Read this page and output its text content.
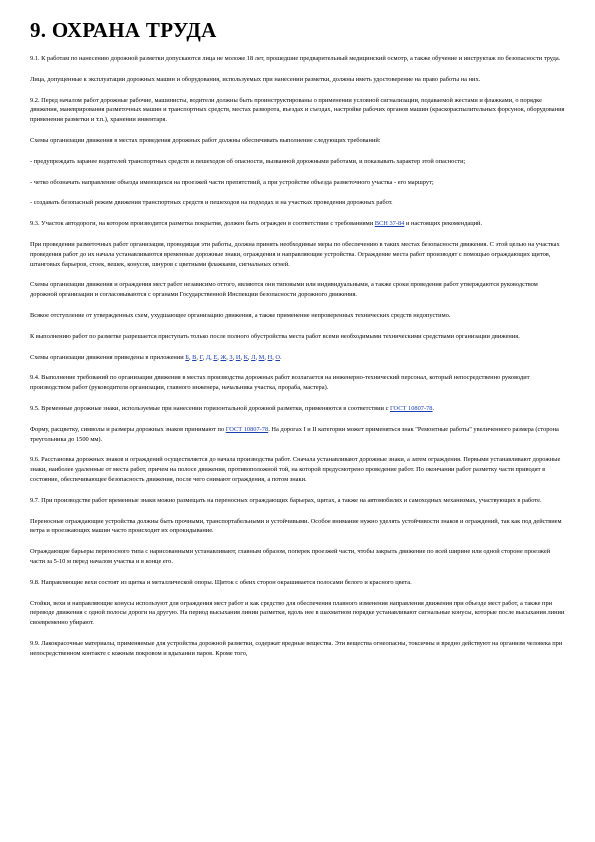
9. ОХРАНА ТРУДА
9.1. К работам по нанесению дорожной разметки допускаются лица не моложе 18 лет, прошедшие предварительный медицинский осмотр, а также обучение и инструктаж по безопасности труда.
Лица, допущенные к эксплуатации дорожных машин и оборудования, используемых при нанесении разметки, должны иметь удостоверение на право работы на них.
9.2. Перед началом работ дорожные рабочие, машинисты, водители должны быть проинструктированы о применении условной сигнализации, подаваемой жестами и флажками, о порядке движения, маневрирования разметочных машин и транспортных средств, местах разворота, въездах и съездах, настройке рабочих органов машин (краскораспылительных форсунок, оборудования применения разметки и т.п.), хранении инвентаря.
Схемы организации движения в местах проведения дорожных работ должны обеспечивать выполнение следующих требований:
- предупреждать заранее водителей транспортных средств и пешеходов об опасности, вызванной дорожными работами, и показывать характер этой опасности;
- четко обозначать направление объезда имеющихся на проезжей части препятствий, а при устройстве объезда разметочного участка - его маршрут;
- создавать безопасный режим движения транспортных средств и пешеходов на подходах и на участках проведения дорожных работ.
9.3. Участок автодороги, на котором производится разметка покрытия, должен быть огражден в соответствии с требованиями ВСН 37-84 и настоящих рекомендаций.
При проведении разметочных работ организация, проводящая эти работы, должна принять необходимые меры по обеспечению в таких местах безопасности движения. С этой целью на участках проведения работ до их начала устанавливаются временные дорожные знаки, ограждения и направляющие устройства. Ограждение места работ производят с помощью ограждающих щитов, штанговых барьеров, стоек, вешек, конусов, шнуров с цветными флажками, сигнальных огней.
Схемы организации движения и ограждения мест работ независимо оттого, являются они типовыми или индивидуальными, а также сроки проведения работ утверждаются руководством дорожной организации и согласовываются с органами Государственной Инспекции безопасности дорожного движения.
Всякое отступление от утвержденных схем, ухудшающее организацию движения, а также применение непроверенных технических средств недопустимо.
К выполнению работ по разметке разрешается приступать только после полного обустройства места работ всеми необходимыми техническими средствами организации движения.
Схемы организации движения приведены в приложении Б, В, Г, Д, Е, Ж, З, И, К, Л, М, Н, О.
9.4. Выполнение требований по организации движения в местах производства дорожных работ возлагается на инженерно-технический персонал, который непосредственно руководит производством работ (руководителя организации, главного инженера, начальника участка, прораба, мастера).
9.5. Временные дорожные знаки, используемые при нанесении горизонтальной дорожной разметки, применяются в соответствии с ГОСТ 10807-78.
Форму, расцветку, символы и размеры дорожных знаков принимают по ГОСТ 10807-78. На дорогах I и II категории может применяться знак "Ремонтные работы" увеличенного размера (сторона треугольника до 1500 мм).
9.6. Расстановка дорожных знаков и ограждений осуществляется до начала производства работ. Сначала устанавливают дорожные знаки, а затем ограждения. Первыми устанавливают дорожные знаки, наиболее удаленные от места работ, причем на полосе движения, противоположной той, на которой предусмотрено проведение работ. По окончании работ разметку части приводят в состояние, обеспечивающее безопасность движения, после чего снимают ограждения, а потом знаки.
9.7. При производстве работ временные знаки можно размещать на переносных ограждающих барьерах, щитах, а также на автомобилях и самоходных механизмах, участвующих в работе.
Переносные ограждающие устройства должны быть прочными, транспортабельными и устойчивыми. Особое внимание нужно уделять устойчивости знаков и ограждений, так как под действием ветра и проезжающих машин часто происходит их опрокидывание.
Ограждающие барьеры переносного типа с нарисованными устанавливают, главным образом, поперек проезжей части, чтобы закрыть движение по всей ширине или одной стороне проезжей части за 5-10 м перед началом участка и в конце его.
9.8. Направляющие вехи состоят из щитка и металлической опоры. Щиток с обеих сторон окрашивается полосами белого и красного цвета.
Стойки, вехи и направляющие конусы используют для ограждения мест работ и как средство для обеспечения плавного изменения направления движения при объезде мест работ, а также при переводе движения с одной полосы дороги на другую. На период высыхания линии разметки, вдоль нее в шахматном порядке устанавливают сигнальные конусы, которые после высыхания линии своевременно убирают.
9.9. Лакокрасочные материалы, применяемые для устройства дорожной разметки, содержат вредные вещества. Эти вещества огнеопасны, токсичны и вредно действуют на организм человека при непосредственном контакте с кожным покровом и вдыхании паров. Кроме того,
